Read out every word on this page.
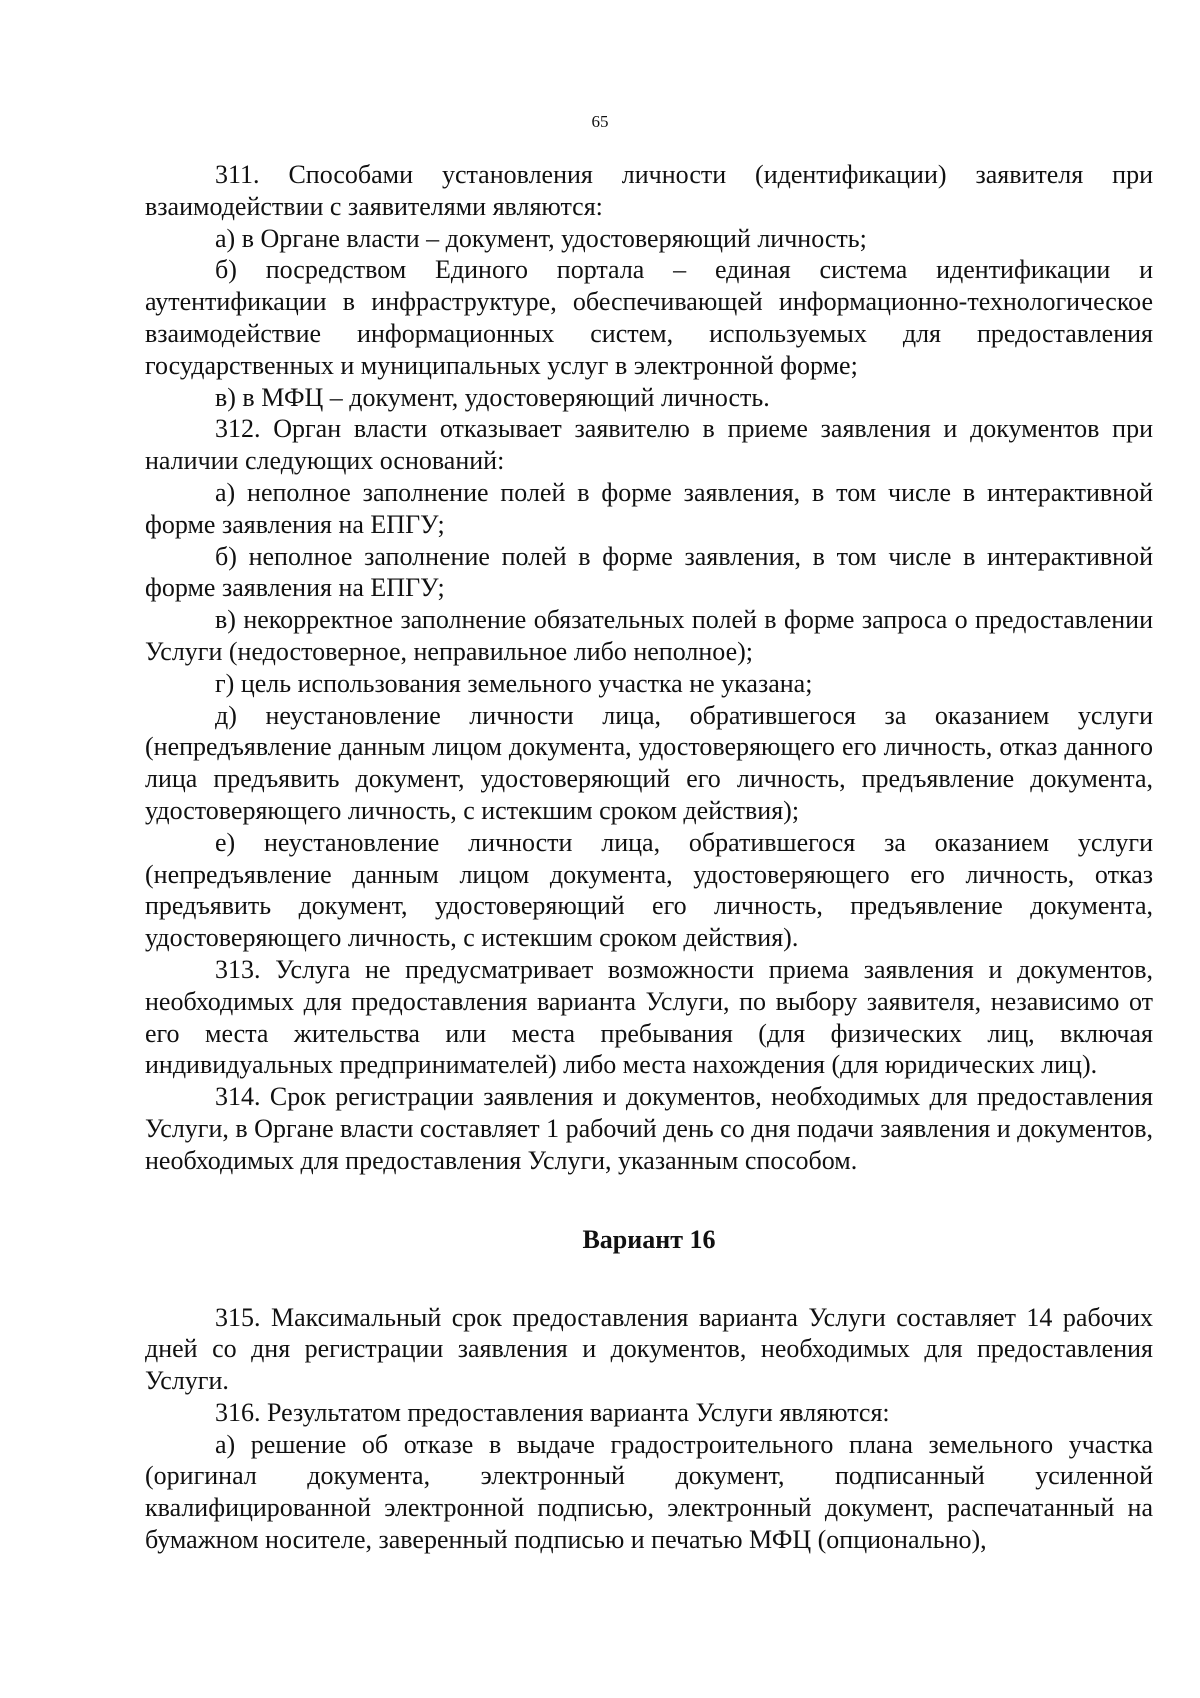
65

311. Способами установления личности (идентификации) заявителя при взаимодействии с заявителями являются:

а) в Органе власти – документ, удостоверяющий личность;

б) посредством Единого портала – единая система идентификации и аутентификации в инфраструктуре, обеспечивающей информационно-технологическое взаимодействие информационных систем, используемых для предоставления государственных и муниципальных услуг в электронной форме;

в) в МФЦ – документ, удостоверяющий личность.

312. Орган власти отказывает заявителю в приеме заявления и документов при наличии следующих оснований:

а) неполное заполнение полей в форме заявления, в том числе в интерактивной форме заявления на ЕПГУ;

б) неполное заполнение полей в форме заявления, в том числе в интерактивной форме заявления на ЕПГУ;

в) некорректное заполнение обязательных полей в форме запроса о предоставлении Услуги (недостоверное, неправильное либо неполное);

г) цель использования земельного участка не указана;

д) неустановление личности лица, обратившегося за оказанием услуги (непредъявление данным лицом документа, удостоверяющего его личность, отказ данного лица предъявить документ, удостоверяющий его личность, предъявление документа, удостоверяющего личность, с истекшим сроком действия);

е) неустановление личности лица, обратившегося за оказанием услуги (непредъявление данным лицом документа, удостоверяющего его личность, отказ предъявить документ, удостоверяющий его личность, предъявление документа, удостоверяющего личность, с истекшим сроком действия).

313. Услуга не предусматривает возможности приема заявления и документов, необходимых для предоставления варианта Услуги, по выбору заявителя, независимо от его места жительства или места пребывания (для физических лиц, включая индивидуальных предпринимателей) либо места нахождения (для юридических лиц).

314. Срок регистрации заявления и документов, необходимых для предоставления Услуги, в Органе власти составляет 1 рабочий день со дня подачи заявления и документов, необходимых для предоставления Услуги, указанным способом.

Вариант 16

315. Максимальный срок предоставления варианта Услуги составляет 14 рабочих дней со дня регистрации заявления и документов, необходимых для предоставления Услуги.

316. Результатом предоставления варианта Услуги являются:

а) решение об отказе в выдаче градостроительного плана земельного участка (оригинал документа, электронный документ, подписанный усиленной квалифицированной электронной подписью, электронный документ, распечатанный на бумажном носителе, заверенный подписью и печатью МФЦ (опционально),
